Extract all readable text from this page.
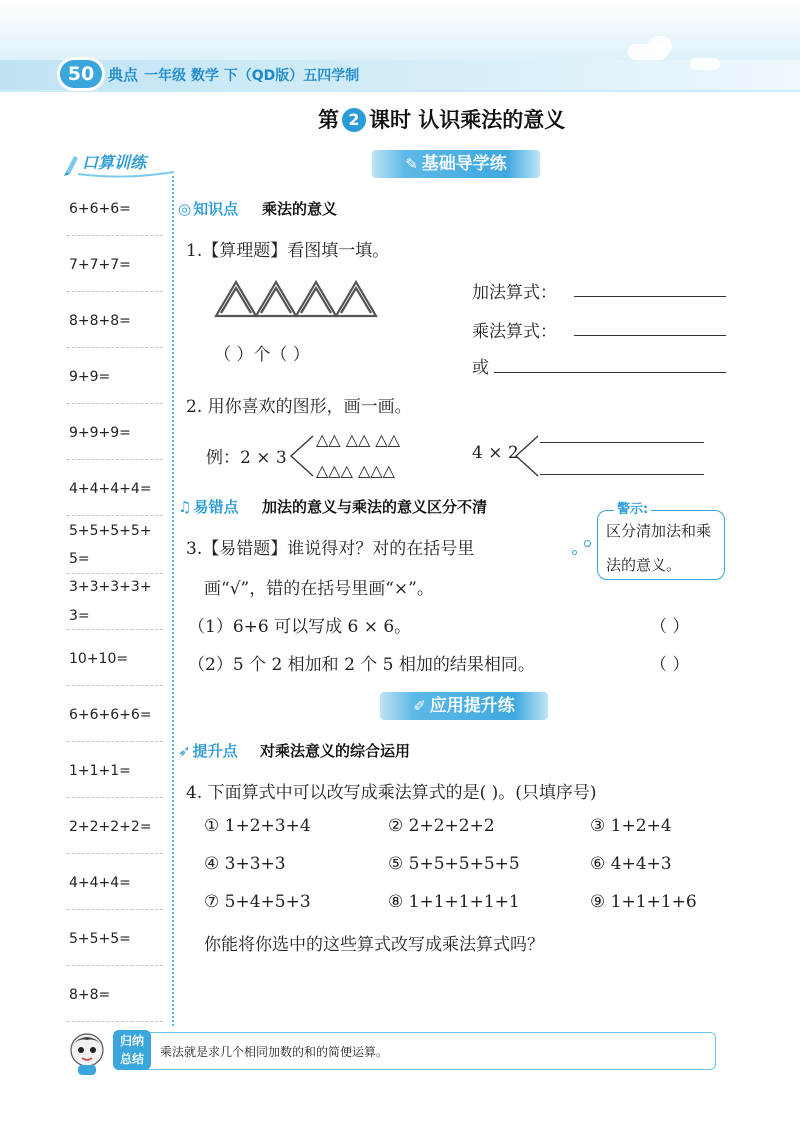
50 典点 一年级 数学 下（QD版）五四学制
第 2 课时 认识乘法的意义
口算训练
6+6+6=
7+7+7=
8+8+8=
9+9=
9+9+9=
4+4+4+4=
5+5+5+5+
5=
3+3+3+3+
3=
10+10=
6+6+6+6=
1+1+1=
2+2+2+2=
4+4+4=
5+5+5=
8+8=
✎ 基础导学练
◎ 知识点 乘法的意义
1.【算理题】看图填一填。
（ ）个（ ）
加法算式：
乘法算式：
或
2. 用你喜欢的图形，画一画。
例：2 × 3
△△ △△ △△
△△△ △△△
4 × 2
♫ 易错点 加法的意义与乘法的意义区分不清
3.【易错题】谁说得对？对的在括号里
画“√”，错的在括号里画“×”。
（1）6+6 可以写成 6 × 6。	（ ）
（2）5 个 2 相加和 2 个 5 相加的结果相同。	（ ）
警示:
区分清加法和乘法的意义。
✐ 应用提升练
➶ 提升点 对乘法意义的综合运用
4. 下面算式中可以改写成乘法算式的是( )。(只填序号)
① 1+2+3+4	② 2+2+2+2	③ 1+2+4
④ 3+3+3	⑤ 5+5+5+5+5	⑥ 4+4+3
⑦ 5+4+5+3	⑧ 1+1+1+1+1	⑨ 1+1+1+6
你能将你选中的这些算式改写成乘法算式吗？
归纳
总结	乘法就是求几个相同加数的和的简便运算。
